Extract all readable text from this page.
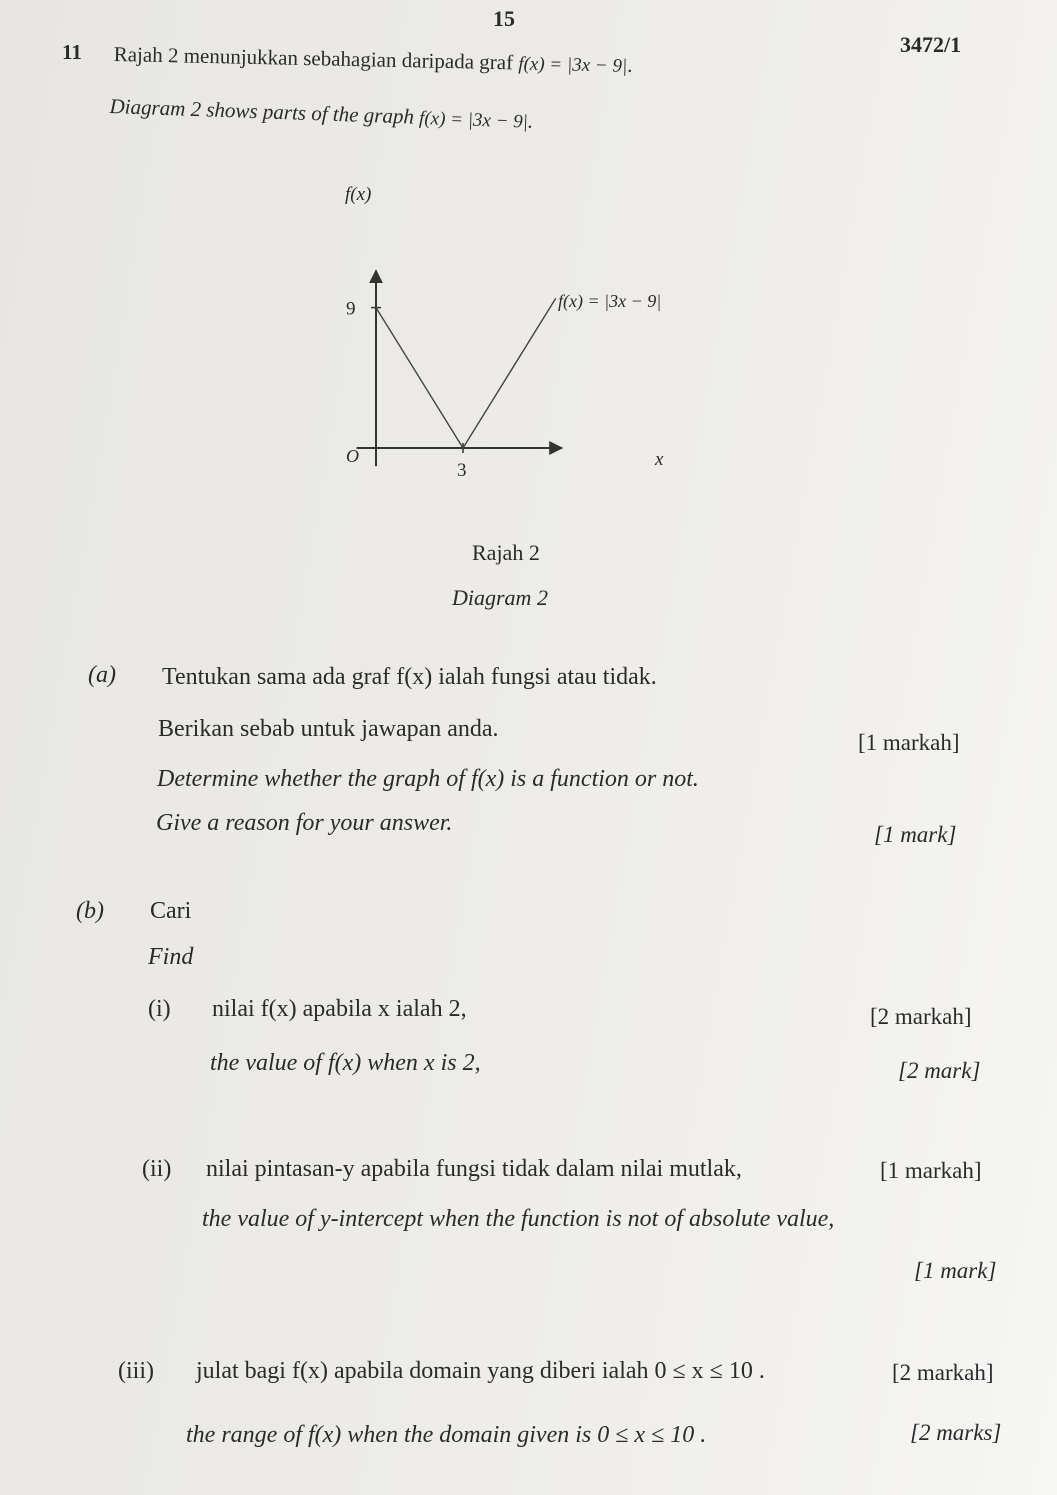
15
3472/1
11 Rajah 2 menunjukkan sebahagian daripada graf f(x) = |3x − 9|.
Diagram 2 shows parts of the graph f(x) = |3x − 9|.
9
3
f(x)
x
O
f(x) = |3x − 9|
Rajah 2
Diagram 2
(a) Tentukan sama ada graf f(x) ialah fungsi atau tidak.
Berikan sebab untuk jawapan anda.
[1 markah]
Determine whether the graph of f(x) is a function or not.
Give a reason for your answer.	[1 mark]
(b) Cari
Find
(i) nilai f(x) apabila x ialah 2,	[2 markah]
the value of f(x) when x is 2,	[2 mark]
(ii) nilai pintasan-y apabila fungsi tidak dalam nilai mutlak,	[1 markah]
the value of y-intercept when the function is not of absolute value,
[1 mark]
(iii) julat bagi f(x) apabila domain yang diberi ialah 0 ≤ x ≤ 10 .	[2 markah]
the range of f(x) when the domain given is 0 ≤ x ≤ 10 .	[2 marks]
